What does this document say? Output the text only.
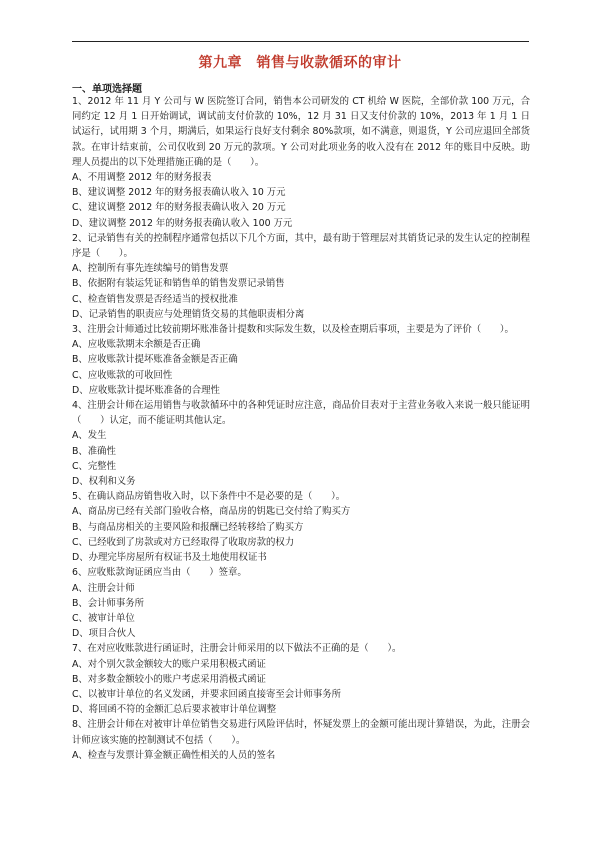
第九章　销售与收款循环的审计
一、单项选择题

1、2012 年 11 月 Y 公司与 W 医院签订合同，销售本公司研发的 CT 机给 W 医院，全部价款 100 万元，合同约定 12 月 1 日开始调试，调试前支付价款的 10%，12 月 31 日又支付价款的 10%，2013 年 1 月 1 日试运行，试用期 3 个月，期满后，如果运行良好支付剩余 80%款项，如不满意，则退货，Y 公司应退回全部货款。在审计结束前，公司仅收到 20 万元的款项。Y 公司对此项业务的收入没有在 2012 年的账目中反映。助理人员提出的以下处理措施正确的是（　　）。

A、不用调整 2012 年的财务报表

B、建议调整 2012 年的财务报表确认收入 10 万元

C、建议调整 2012 年的财务报表确认收入 20 万元

D、建议调整 2012 年的财务报表确认收入 100 万元

2、记录销售有关的控制程序通常包括以下几个方面，其中，最有助于管理层对其销货记录的发生认定的控制程序是（　　）。

A、控制所有事先连续编号的销售发票

B、依据附有装运凭证和销售单的销售发票记录销售

C、检查销售发票是否经适当的授权批准

D、记录销售的职责应与处理销货交易的其他职责相分离

3、注册会计师通过比较前期坏账准备计提数和实际发生数，以及检查期后事项，主要是为了评价（　　）。

A、应收账款期末余额是否正确

B、应收账款计提坏账准备金额是否正确

C、应收账款的可收回性

D、应收账款计提坏账准备的合理性

4、注册会计师在运用销售与收款循环中的各种凭证时应注意，商品价目表对于主营业务收入来说一般只能证明（　　）认定，而不能证明其他认定。

A、发生

B、准确性

C、完整性

D、权利和义务

5、在确认商品房销售收入时，以下条件中不是必要的是（　　）。

A、商品房已经有关部门验收合格，商品房的钥匙已交付给了购买方

B、与商品房相关的主要风险和报酬已经转移给了购买方

C、已经收到了房款或对方已经取得了收取房款的权力

D、办理完毕房屋所有权证书及土地使用权证书

6、应收账款询证函应当由（　　）签章。

A、注册会计师

B、会计师事务所

C、被审计单位

D、项目合伙人

7、在对应收账款进行函证时，注册会计师采用的以下做法不正确的是（　　）。

A、对个别欠款金额较大的账户采用积极式函证

B、对多数金额较小的账户考虑采用消极式函证

C、以被审计单位的名义发函，并要求回函直接寄至会计师事务所

D、将回函不符的金额汇总后要求被审计单位调整

8、注册会计师在对被审计单位销售交易进行风险评估时，怀疑发票上的金额可能出现计算错误，为此，注册会计师应该实施的控制测试不包括（　　）。

A、检查与发票计算金额正确性相关的人员的签名
